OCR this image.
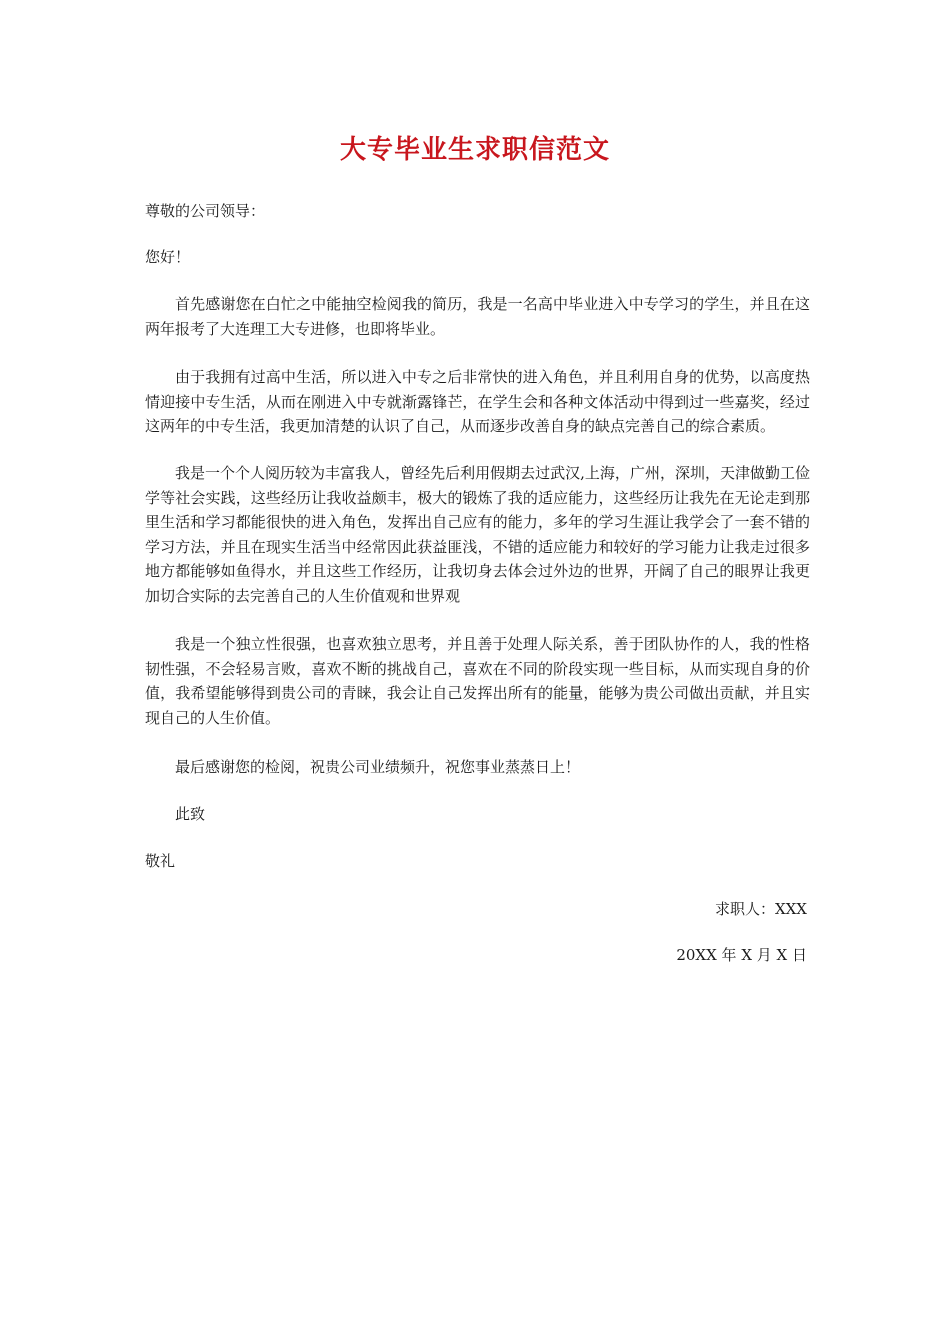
大专毕业生求职信范文
尊敬的公司领导：
您好！
首先感谢您在白忙之中能抽空检阅我的简历，我是一名高中毕业进入中专学习的学生，并且在这两年报考了大连理工大专进修，也即将毕业。
由于我拥有过高中生活，所以进入中专之后非常快的进入角色，并且利用自身的优势，以高度热情迎接中专生活，从而在刚进入中专就渐露锋芒，在学生会和各种文体活动中得到过一些嘉奖，经过这两年的中专生活，我更加清楚的认识了自己，从而逐步改善自身的缺点完善自己的综合素质。
我是一个个人阅历较为丰富我人，曾经先后利用假期去过武汉,上海，广州，深圳，天津做勤工俭学等社会实践，这些经历让我收益颇丰，极大的锻炼了我的适应能力，这些经历让我先在无论走到那里生活和学习都能很快的进入角色，发挥出自己应有的能力，多年的学习生涯让我学会了一套不错的学习方法，并且在现实生活当中经常因此获益匪浅，不错的适应能力和较好的学习能力让我走过很多地方都能够如鱼得水，并且这些工作经历，让我切身去体会过外边的世界，开阔了自己的眼界让我更加切合实际的去完善自己的人生价值观和世界观
我是一个独立性很强，也喜欢独立思考，并且善于处理人际关系，善于团队协作的人，我的性格韧性强，不会轻易言败，喜欢不断的挑战自己，喜欢在不同的阶段实现一些目标，从而实现自身的价值，我希望能够得到贵公司的青睐，我会让自己发挥出所有的能量，能够为贵公司做出贡献，并且实现自己的人生价值。
最后感谢您的检阅，祝贵公司业绩频升，祝您事业蒸蒸日上！
此致
敬礼
求职人：XXX
20XX 年 X 月 X 日
